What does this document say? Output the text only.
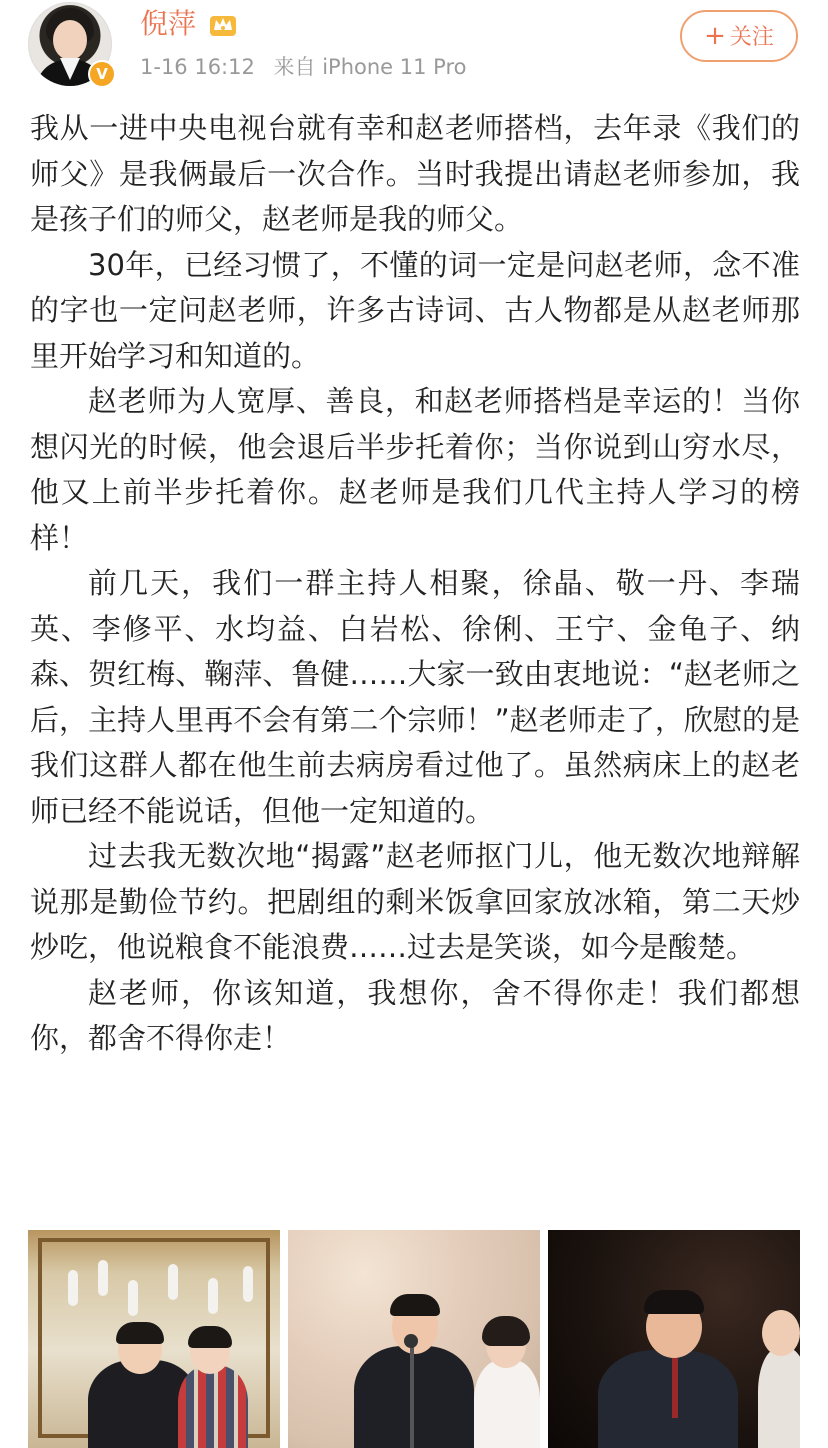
V
倪萍
1-16 16:12 来自 iPhone 11 Pro
+ 关注

我从一进中央电视台就有幸和赵老师搭档，去年录《我们的师父》是我俩最后一次合作。当时我提出请赵老师参加，我是孩子们的师父，赵老师是我的师父。

30年，已经习惯了，不懂的词一定是问赵老师，念不准的字也一定问赵老师，许多古诗词、古人物都是从赵老师那里开始学习和知道的。

赵老师为人宽厚、善良，和赵老师搭档是幸运的！当你想闪光的时候，他会退后半步托着你；当你说到山穷水尽，他又上前半步托着你。赵老师是我们几代主持人学习的榜样！

前几天，我们一群主持人相聚，徐晶、敬一丹、李瑞英、李修平、水均益、白岩松、徐俐、王宁、金龟子、纳森、贺红梅、鞠萍、鲁健……大家一致由衷地说：“赵老师之后，主持人里再不会有第二个宗师！”赵老师走了，欣慰的是我们这群人都在他生前去病房看过他了。虽然病床上的赵老师已经不能说话，但他一定知道的。

过去我无数次地“揭露”赵老师抠门儿，他无数次地辩解说那是勤俭节约。把剧组的剩米饭拿回家放冰箱，第二天炒炒吃，他说粮食不能浪费……过去是笑谈，如今是酸楚。

赵老师，你该知道，我想你，舍不得你走！我们都想你，都舍不得你走！
